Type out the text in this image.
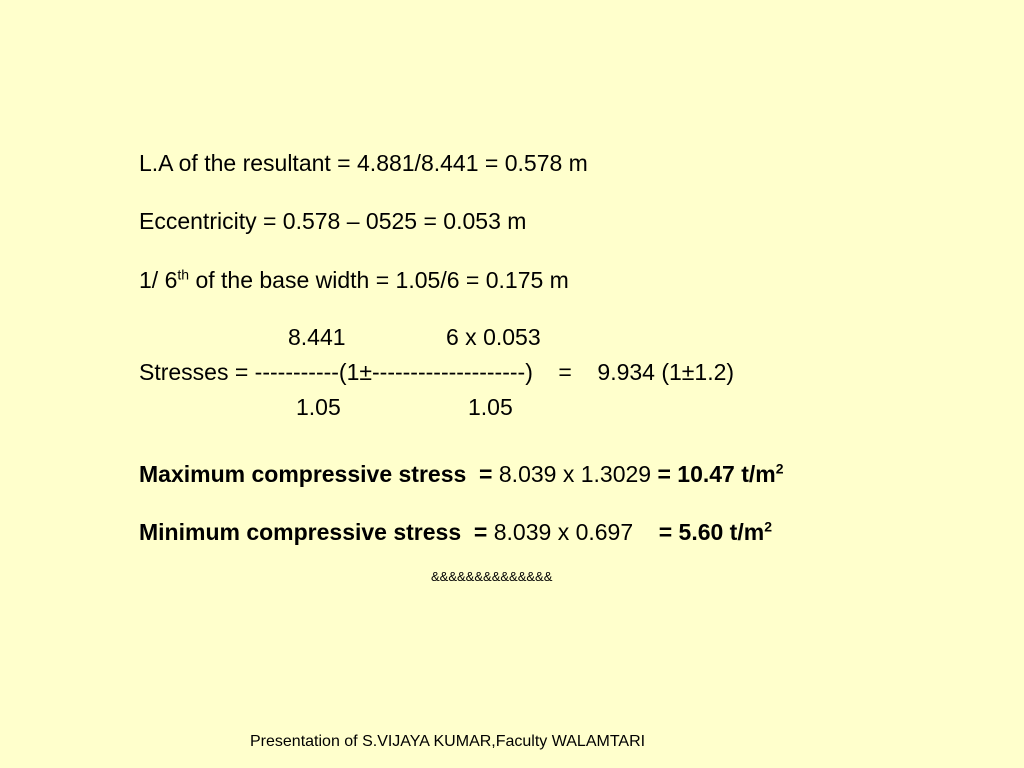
L.A of the resultant = 4.881/8.441 = 0.578 m
Eccentricity = 0.578 – 0525 = 0.053 m
1/ 6th of the base width = 1.05/6 = 0.175 m
8.441	6 x 0.053
Stresses = -----------(1±--------------------)    =    9.934 (1±1.2)
1.05	1.05
Maximum compressive stress  = 8.039 x 1.3029 = 10.47 $t/m^2$
Minimum compressive stress  = 8.039 x 0.697    = 5.60 $t/m^2$
&&&&&&&&&&&&&&
Presentation of S.VIJAYA KUMAR,Faculty WALAMTARI
